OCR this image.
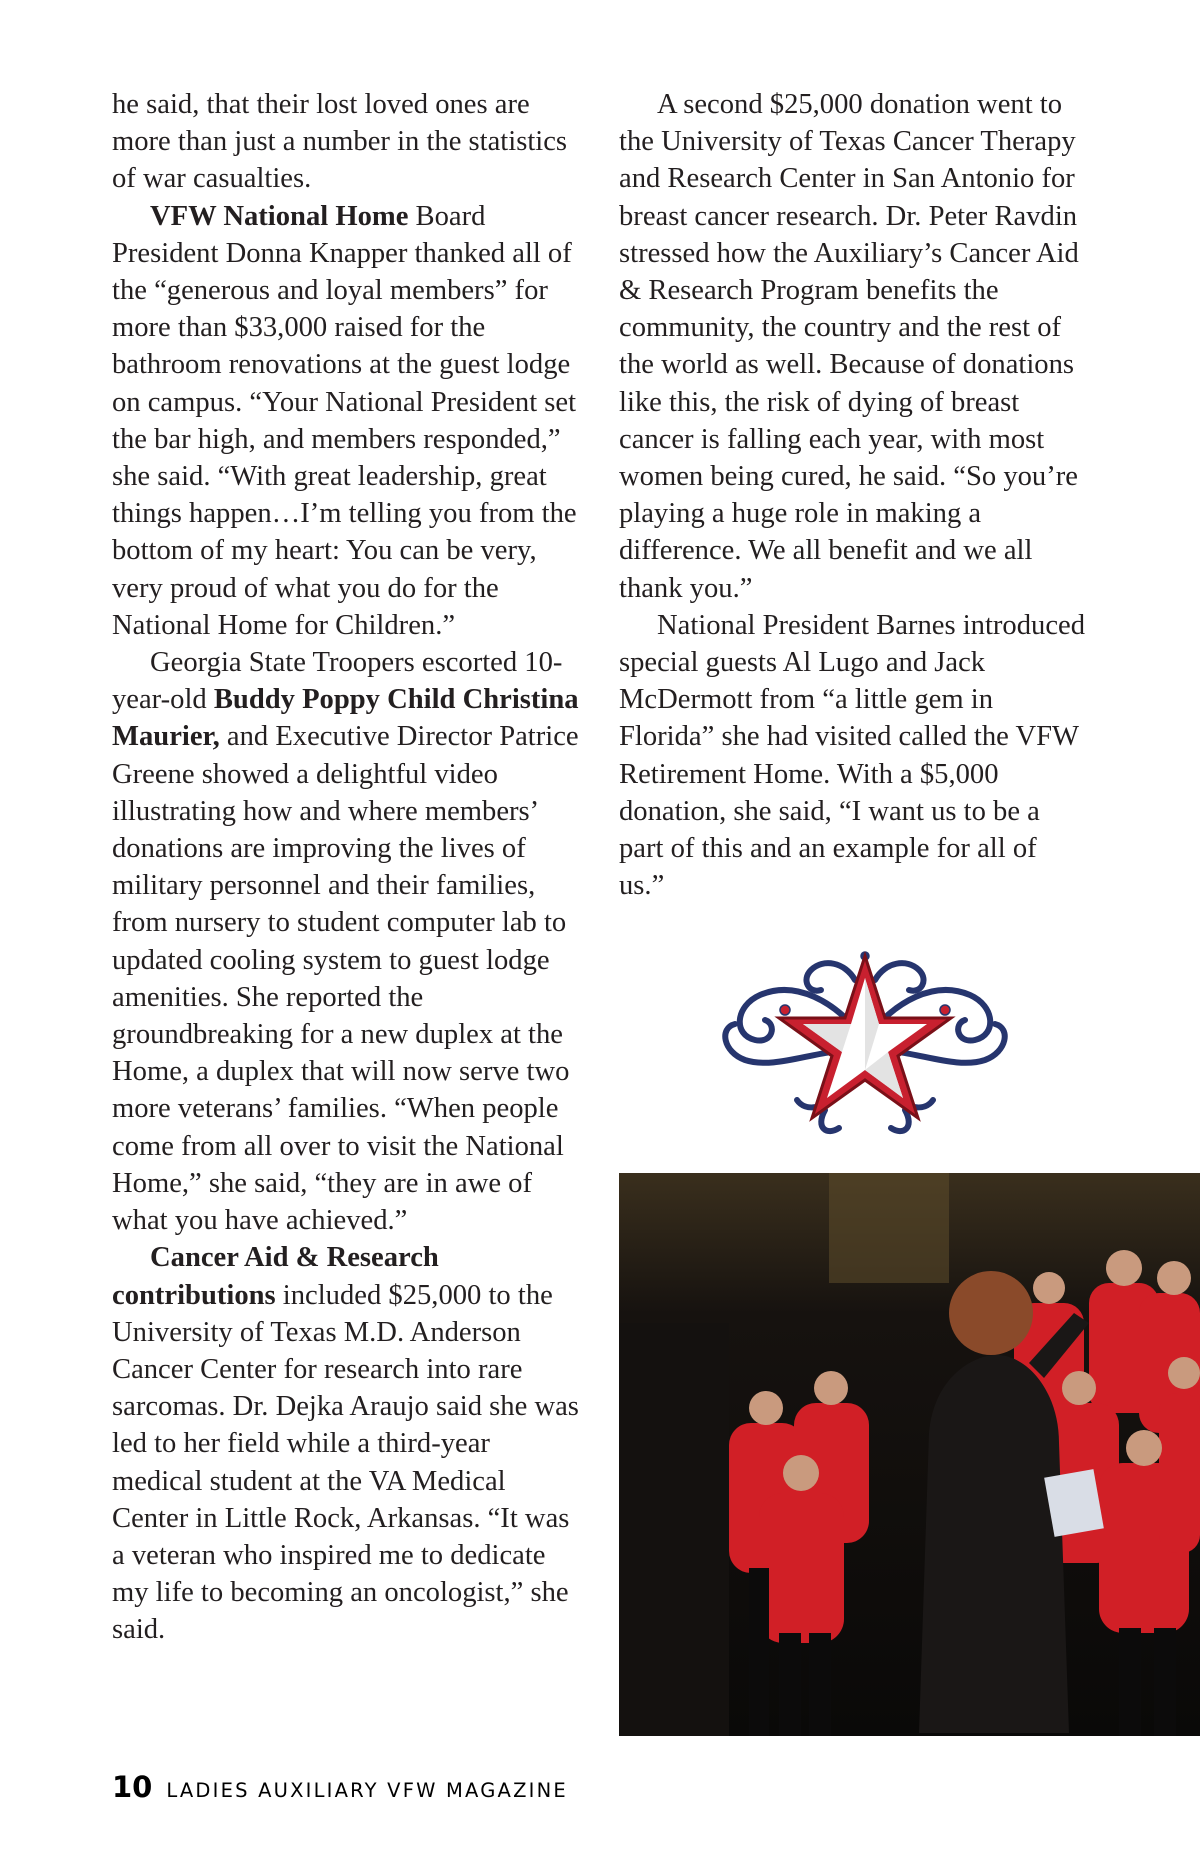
he said, that their lost loved ones are more than just a number in the statistics of war casualties.

VFW National Home Board President Donna Knapper thanked all of the “generous and loyal members” for more than $33,000 raised for the bathroom renovations at the guest lodge on campus. “Your National President set the bar high, and members responded,” she said. “With great leadership, great things happen…I’m telling you from the bottom of my heart: You can be very, very proud of what you do for the National Home for Children.”

Georgia State Troopers escorted 10-year-old Buddy Poppy Child Christina Maurier, and Executive Director Patrice Greene showed a delightful video illustrating how and where members’ donations are improving the lives of military personnel and their families, from nursery to student computer lab to updated cooling system to guest lodge amenities. She reported the groundbreaking for a new duplex at the Home, a duplex that will now serve two more veterans’ families. “When people come from all over to visit the National Home,” she said, “they are in awe of what you have achieved.”

Cancer Aid & Research contributions included $25,000 to the University of Texas M.D. Anderson Cancer Center for research into rare sarcomas. Dr. Dejka Araujo said she was led to her field while a third-year medical student at the VA Medical Center in Little Rock, Arkansas. “It was a veteran who inspired me to dedicate my life to becoming an oncologist,” she said.

A second $25,000 donation went to the University of Texas Cancer Therapy and Research Center in San Antonio for breast cancer research. Dr. Peter Ravdin stressed how the Auxiliary’s Cancer Aid & Research Program benefits the community, the country and the rest of the world as well. Because of donations like this, the risk of dying of breast cancer is falling each year, with most women being cured, he said. “So you’re playing a huge role in making a difference. We all benefit and we all thank you.”

National President Barnes introduced special guests Al Lugo and Jack McDermott from “a little gem in Florida” she had visited called the VFW Retirement Home. With a $5,000 donation, she said, “I want us to be a part of this and an example for all of us.”

10 LADIES AUXILIARY VFW MAGAZINE
